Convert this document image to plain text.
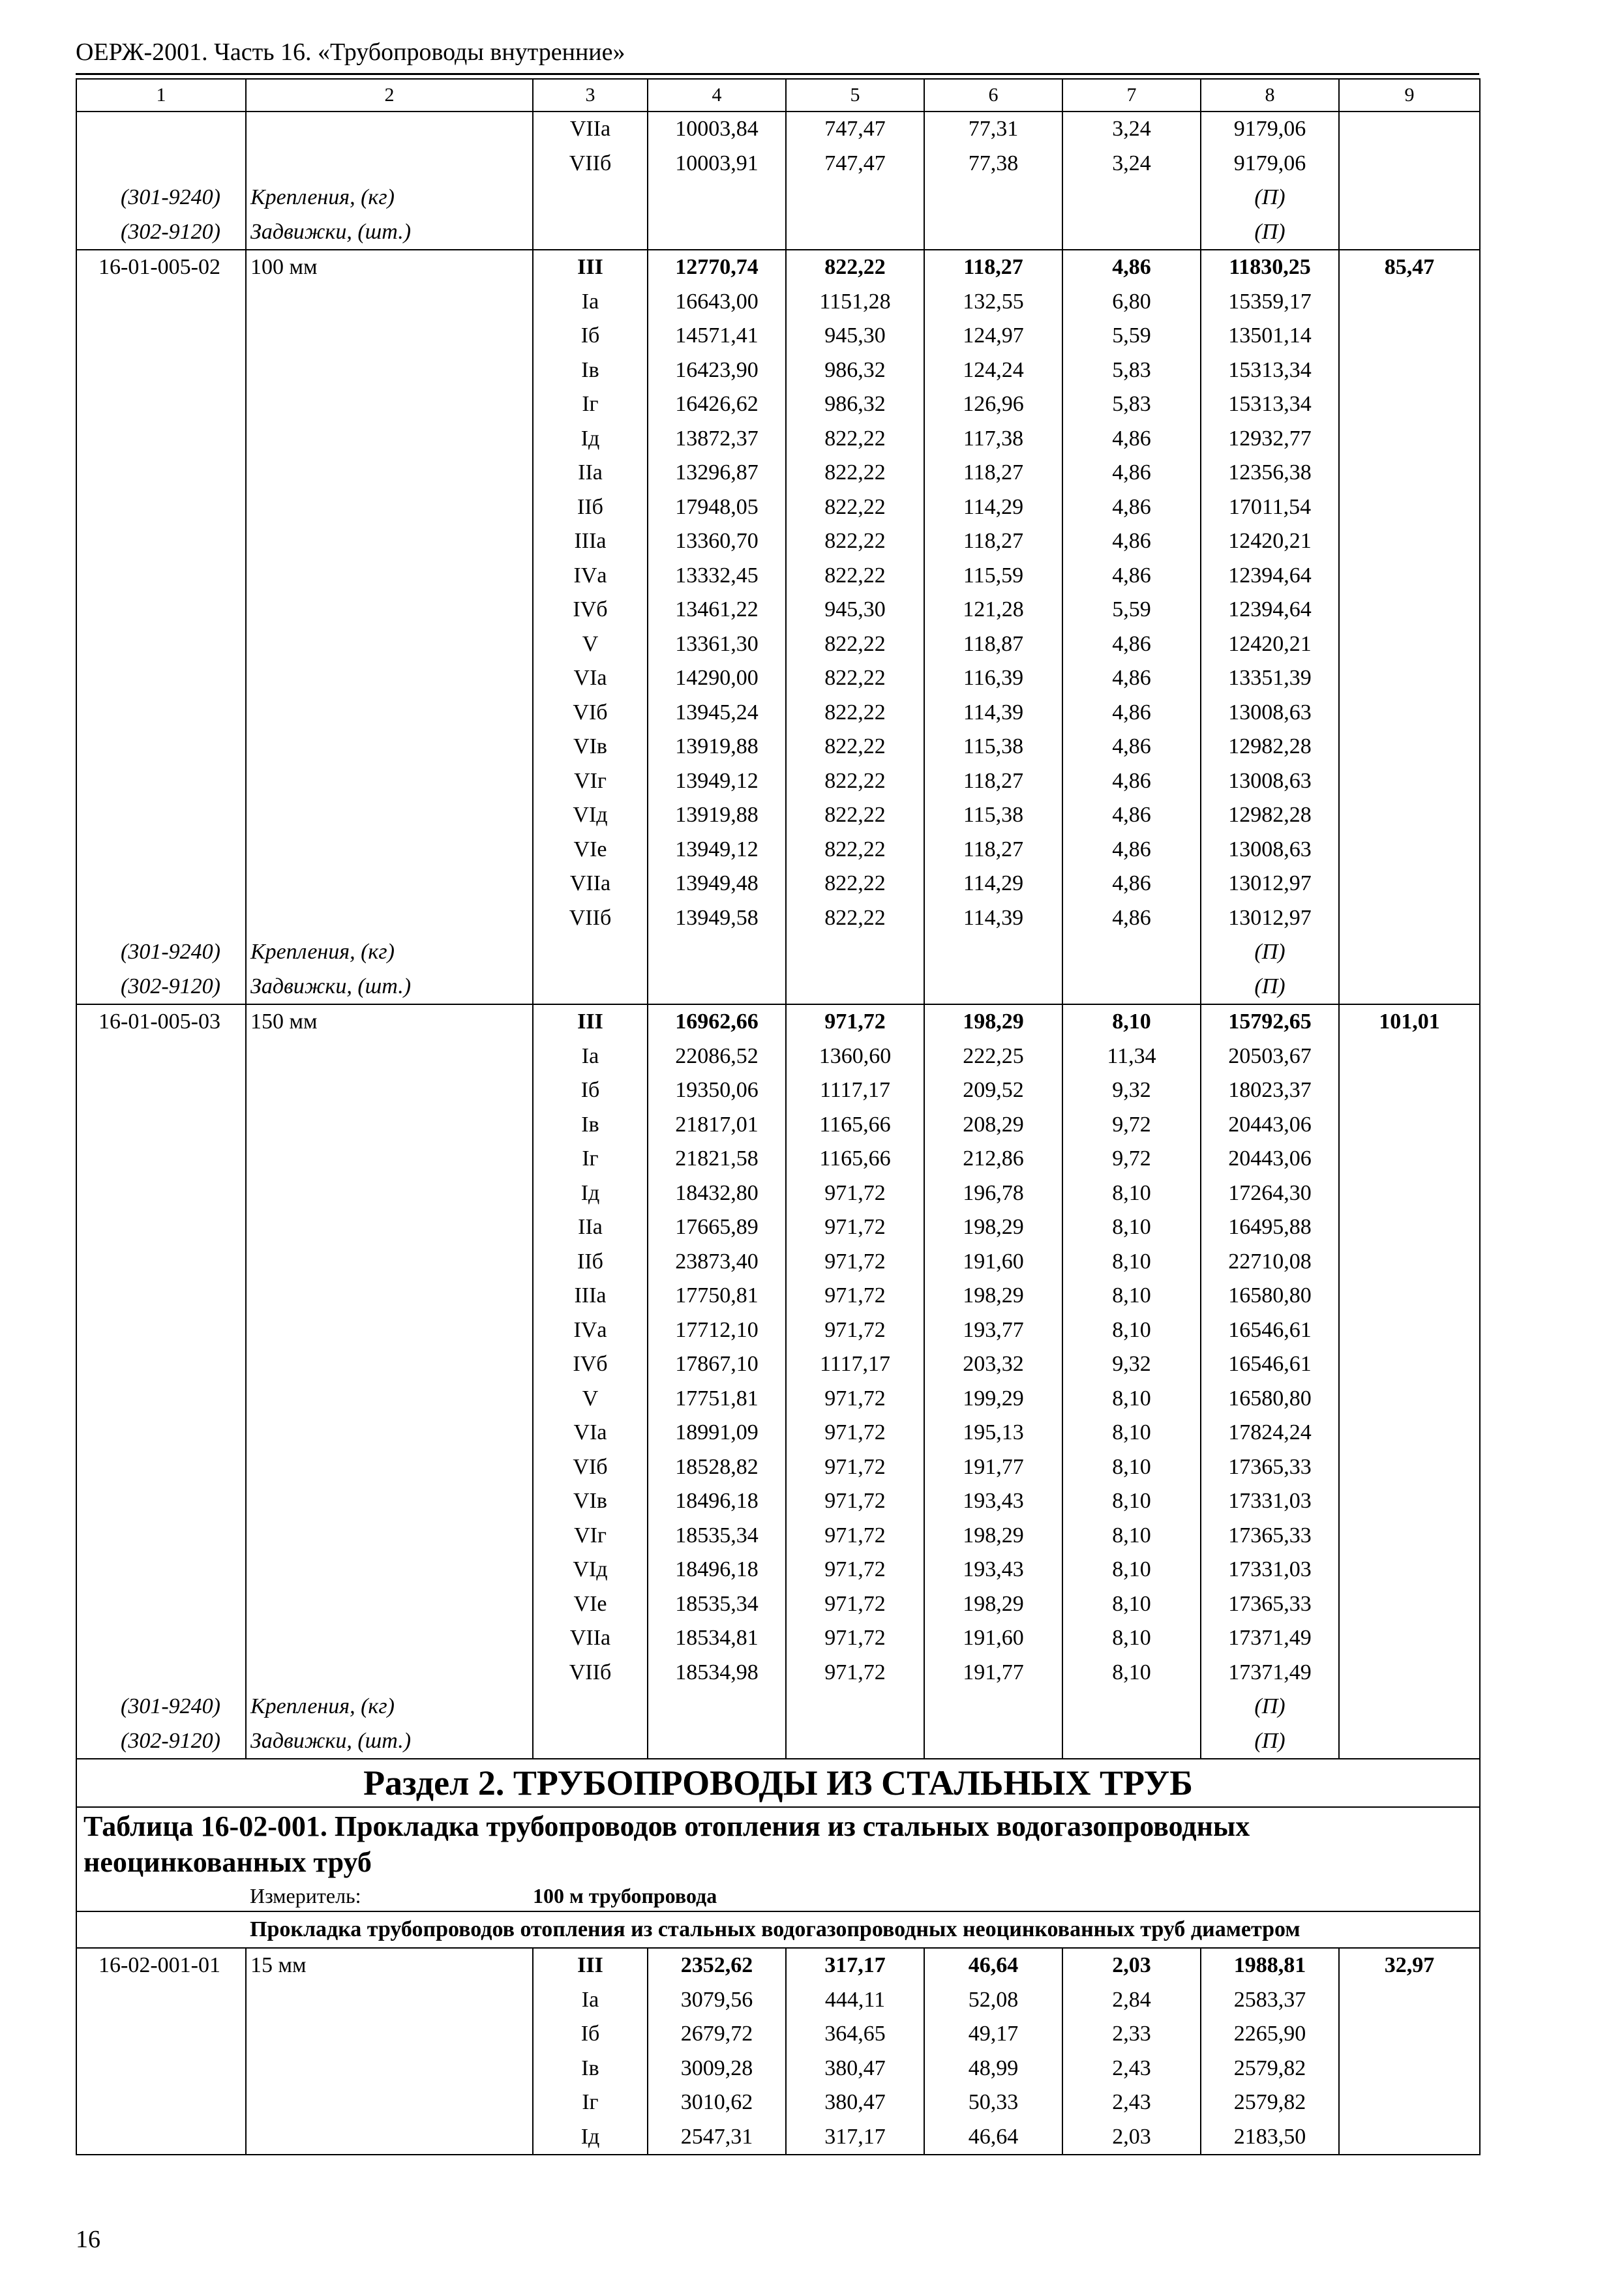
ОЕРЖ-2001. Часть 16. «Трубопроводы внутренние»
1	2	3	4	5	6	7	8	9
		VIIа	10003,84	747,47	77,31	3,24	9179,06	
		VIIб	10003,91	747,47	77,38	3,24	9179,06	
(301-9240)	Крепления, (кг)						(П)	
(302-9120)	Задвижки, (шт.)						(П)	
16-01-005-02	100 мм	III	12770,74	822,22	118,27	4,86	11830,25	85,47
		Iа	16643,00	1151,28	132,55	6,80	15359,17	
		Iб	14571,41	945,30	124,97	5,59	13501,14	
		Iв	16423,90	986,32	124,24	5,83	15313,34	
		Iг	16426,62	986,32	126,96	5,83	15313,34	
		Iд	13872,37	822,22	117,38	4,86	12932,77	
		IIа	13296,87	822,22	118,27	4,86	12356,38	
		IIб	17948,05	822,22	114,29	4,86	17011,54	
		IIIа	13360,70	822,22	118,27	4,86	12420,21	
		IVа	13332,45	822,22	115,59	4,86	12394,64	
		IVб	13461,22	945,30	121,28	5,59	12394,64	
		V	13361,30	822,22	118,87	4,86	12420,21	
		VIа	14290,00	822,22	116,39	4,86	13351,39	
		VIб	13945,24	822,22	114,39	4,86	13008,63	
		VIв	13919,88	822,22	115,38	4,86	12982,28	
		VIг	13949,12	822,22	118,27	4,86	13008,63	
		VIд	13919,88	822,22	115,38	4,86	12982,28	
		VIе	13949,12	822,22	118,27	4,86	13008,63	
		VIIа	13949,48	822,22	114,29	4,86	13012,97	
		VIIб	13949,58	822,22	114,39	4,86	13012,97	
(301-9240)	Крепления, (кг)						(П)	
(302-9120)	Задвижки, (шт.)						(П)	
16-01-005-03	150 мм	III	16962,66	971,72	198,29	8,10	15792,65	101,01
		Iа	22086,52	1360,60	222,25	11,34	20503,67	
		Iб	19350,06	1117,17	209,52	9,32	18023,37	
		Iв	21817,01	1165,66	208,29	9,72	20443,06	
		Iг	21821,58	1165,66	212,86	9,72	20443,06	
		Iд	18432,80	971,72	196,78	8,10	17264,30	
		IIа	17665,89	971,72	198,29	8,10	16495,88	
		IIб	23873,40	971,72	191,60	8,10	22710,08	
		IIIа	17750,81	971,72	198,29	8,10	16580,80	
		IVа	17712,10	971,72	193,77	8,10	16546,61	
		IVб	17867,10	1117,17	203,32	9,32	16546,61	
		V	17751,81	971,72	199,29	8,10	16580,80	
		VIа	18991,09	971,72	195,13	8,10	17824,24	
		VIб	18528,82	971,72	191,77	8,10	17365,33	
		VIв	18496,18	971,72	193,43	8,10	17331,03	
		VIг	18535,34	971,72	198,29	8,10	17365,33	
		VIд	18496,18	971,72	193,43	8,10	17331,03	
		VIе	18535,34	971,72	198,29	8,10	17365,33	
		VIIа	18534,81	971,72	191,60	8,10	17371,49	
		VIIб	18534,98	971,72	191,77	8,10	17371,49	
(301-9240)	Крепления, (кг)						(П)	
(302-9120)	Задвижки, (шт.)						(П)	
Раздел 2. ТРУБОПРОВОДЫ ИЗ СТАЛЬНЫХ ТРУБ								
Таблица 16-02-001. Прокладка трубопроводов отопления из стальных водогазопроводных неоцинкованных труб								
	Измеритель:	100 м трубопровода						
	Прокладка трубопроводов отопления из стальных водогазопроводных неоцинкованных труб диаметром							
16-02-001-01	15 мм	III	2352,62	317,17	46,64	2,03	1988,81	32,97
		Iа	3079,56	444,11	52,08	2,84	2583,37	
		Iб	2679,72	364,65	49,17	2,33	2265,90	
		Iв	3009,28	380,47	48,99	2,43	2579,82	
		Iг	3010,62	380,47	50,33	2,43	2579,82	
		Iд	2547,31	317,17	46,64	2,03	2183,50	
16
